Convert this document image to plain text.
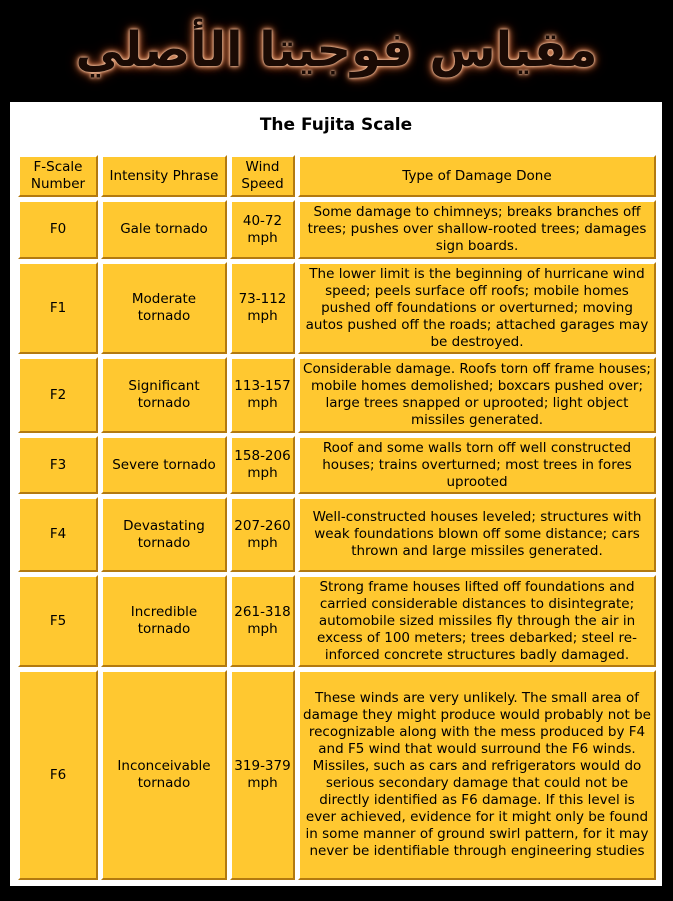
مقياس فوجيتا الأصلي
The Fujita Scale
F-Scale Number	Intensity Phrase	Wind Speed	Type of Damage Done
F0	Gale tornado	40-72 mph	Some damage to chimneys; breaks branches off trees; pushes over shallow-rooted trees; damages sign boards.
F1	Moderate tornado	73-112 mph	The lower limit is the beginning of hurricane wind speed; peels surface off roofs; mobile homes pushed off foundations or overturned; moving autos pushed off the roads; attached garages may be destroyed.
F2	Significant tornado	113-157 mph	Considerable damage. Roofs torn off frame houses; mobile homes demolished; boxcars pushed over; large trees snapped or uprooted; light object missiles generated.
F3	Severe tornado	158-206 mph	Roof and some walls torn off well constructed houses; trains overturned; most trees in fores uprooted
F4	Devastating tornado	207-260 mph	Well-constructed houses leveled; structures with weak foundations blown off some distance; cars thrown and large missiles generated.
F5	Incredible tornado	261-318 mph	Strong frame houses lifted off foundations and carried considerable distances to disintegrate; automobile sized missiles fly through the air in excess of 100 meters; trees debarked; steel re-inforced concrete structures badly damaged.
F6	Inconceivable tornado	319-379 mph	These winds are very unlikely. The small area of damage they might produce would probably not be recognizable along with the mess produced by F4 and F5 wind that would surround the F6 winds. Missiles, such as cars and refrigerators would do serious secondary damage that could not be directly identified as F6 damage. If this level is ever achieved, evidence for it might only be found in some manner of ground swirl pattern, for it may never be identifiable through engineering studies
